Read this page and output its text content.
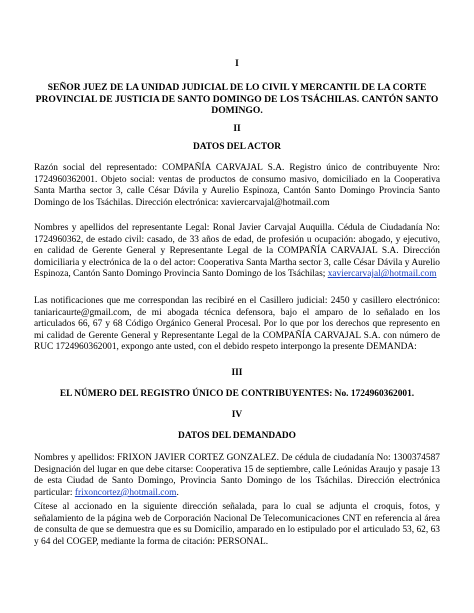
I

SEÑOR JUEZ DE LA UNIDAD JUDICIAL DE LO CIVIL Y MERCANTIL DE LA CORTE PROVINCIAL DE JUSTICIA DE SANTO DOMINGO DE LOS TSÁCHILAS. CANTÓN SANTO DOMINGO.

II

DATOS DEL ACTOR

Razón social del representado: COMPAÑÍA CARVAJAL S.A. Registro único de contribuyente Nro: 1724960362001. Objeto social: ventas de productos de consumo masivo, domiciliado en la Cooperativa Santa Martha sector 3, calle César Dávila y Aurelio Espinoza, Cantón Santo Domingo Provincia Santo Domingo de los Tsáchilas. Dirección electrónica: xaviercarvajal@hotmail.com

Nombres y apellidos del representante Legal: Ronal Javier Carvajal Auquilla. Cédula de Ciudadanía No: 1724960362, de estado civil: casado, de 33 años de edad, de profesión u ocupación: abogado, y ejecutivo, en calidad de Gerente General y Representante Legal de la COMPAÑÍA CARVAJAL S.A. Dirección domiciliaria y electrónica de la o del actor: Cooperativa Santa Martha sector 3, calle César Dávila y Aurelio Espinoza, Cantón Santo Domingo Provincia Santo Domingo de los Tsáchilas; xaviercarvajal@hotmail.com

Las notificaciones que me correspondan las recibiré en el Casillero judicial: 2450 y casillero electrónico: taniaricaurte@gmail.com, de mi abogada técnica defensora, bajo el amparo de lo señalado en los articulados 66, 67 y 68 Código Orgánico General Procesal. Por lo que por los derechos que represento en mi calidad de Gerente General y Representante Legal de la COMPAÑÍA CARVAJAL S.A. con número de RUC 1724960362001, expongo ante usted, con el debido respeto interpongo la presente DEMANDA:

III

EL NÚMERO DEL REGISTRO ÚNICO DE CONTRIBUYENTES: No. 1724960362001.

IV

DATOS DEL DEMANDADO

Nombres y apellidos: FRIXON JAVIER CORTEZ GONZALEZ. De cédula de ciudadanía No: 1300374587 Designación del lugar en que debe citarse: Cooperativa 15 de septiembre, calle Leónidas Araujo y pasaje 13 de esta Ciudad de Santo Domingo, Provincia Santo Domingo de los Tsáchilas. Dirección electrónica particular: frixoncortez@hotmail.com.

Cítese al accionado en la siguiente dirección señalada, para lo cual se adjunta el croquis, fotos, y señalamiento de la página web de Corporación Nacional De Telecomunicaciones CNT en referencia al área de consulta de que se demuestra que es su Domicilio, amparado en lo estipulado por el articulado 53, 62, 63 y 64 del COGEP, mediante la forma de citación: PERSONAL.
